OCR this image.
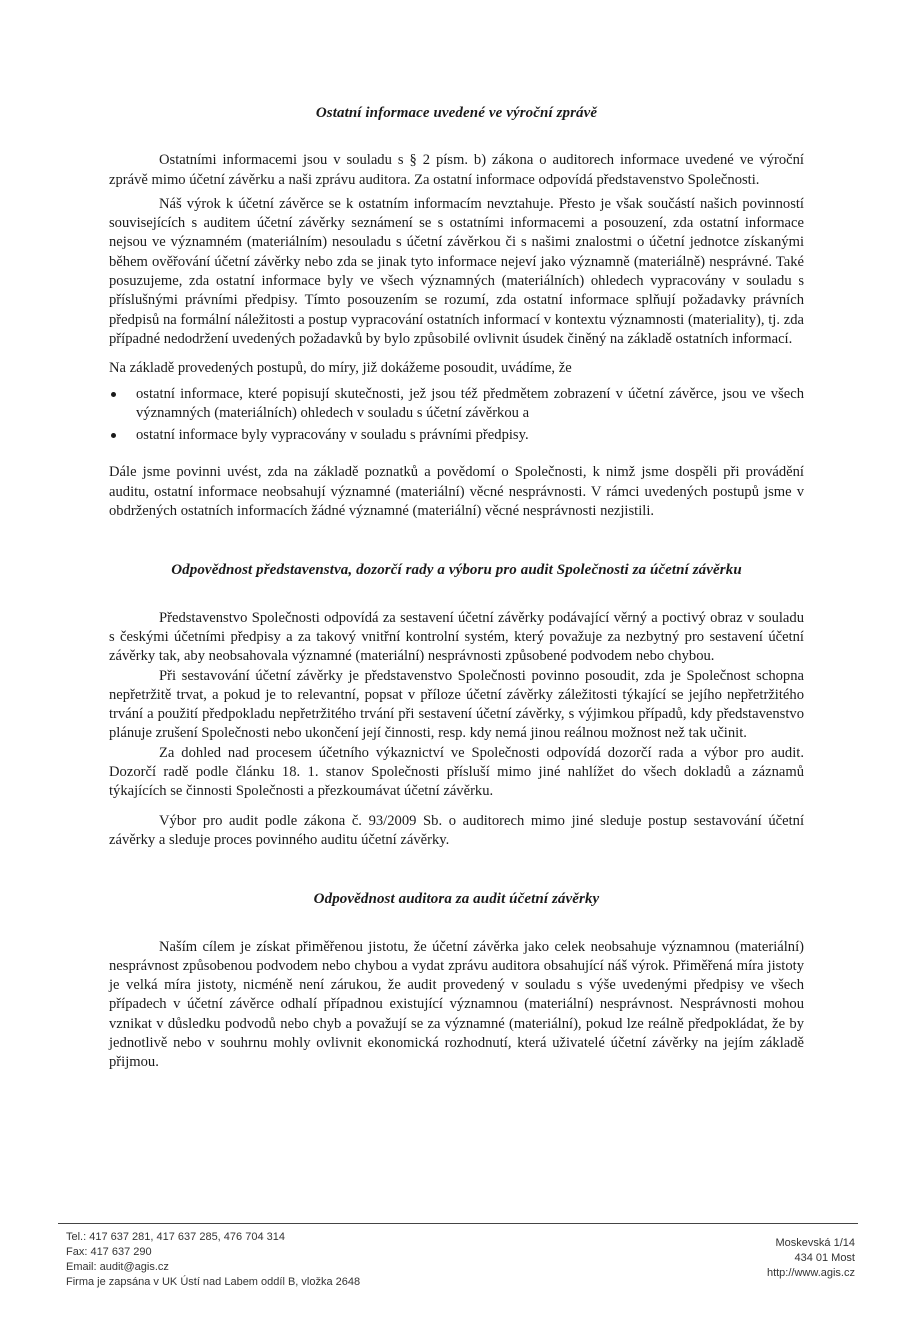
Ostatní informace uvedené ve výroční zprávě

Ostatními informacemi jsou v souladu s § 2 písm. b) zákona o auditorech informace uvedené ve výroční zprávě mimo účetní závěrku a naši zprávu auditora. Za ostatní informace odpovídá představenstvo Společnosti.

Náš výrok k účetní závěrce se k ostatním informacím nevztahuje. Přesto je však součástí našich povinností souvisejících s auditem účetní závěrky seznámení se s ostatními informacemi a posouzení, zda ostatní informace nejsou ve významném (materiálním) nesouladu s účetní závěrkou či s našimi znalostmi o účetní jednotce získanými během ověřování účetní závěrky nebo zda se jinak tyto informace nejeví jako významně (materiálně) nesprávné. Také posuzujeme, zda ostatní informace byly ve všech významných (materiálních) ohledech vypracovány v souladu s příslušnými právními předpisy. Tímto posouzením se rozumí, zda ostatní informace splňují požadavky právních předpisů na formální náležitosti a postup vypracování ostatních informací v kontextu významnosti (materiality), tj. zda případné nedodržení uvedených požadavků by bylo způsobilé ovlivnit úsudek činěný na základě ostatních informací.

Na základě provedených postupů, do míry, již dokážeme posoudit, uvádíme, že

ostatní informace, které popisují skutečnosti, jež jsou též předmětem zobrazení v účetní závěrce, jsou ve všech významných (materiálních) ohledech v souladu s účetní závěrkou a
ostatní informace byly vypracovány v souladu s právními předpisy.

Dále jsme povinni uvést, zda na základě poznatků a povědomí o Společnosti, k nimž jsme dospěli při provádění auditu, ostatní informace neobsahují významné (materiální) věcné nesprávnosti. V rámci uvedených postupů jsme v obdržených ostatních informacích žádné významné (materiální) věcné nesprávnosti nezjistili.

Odpovědnost představenstva, dozorčí rady a výboru pro audit Společnosti za účetní závěrku

Představenstvo Společnosti odpovídá za sestavení účetní závěrky podávající věrný a poctivý obraz v souladu s českými účetními předpisy a za takový vnitřní kontrolní systém, který považuje za nezbytný pro sestavení účetní závěrky tak, aby neobsahovala významné (materiální) nesprávnosti způsobené podvodem nebo chybou.

Při sestavování účetní závěrky je představenstvo Společnosti povinno posoudit, zda je Společnost schopna nepřetržitě trvat, a pokud je to relevantní, popsat v příloze účetní závěrky záležitosti týkající se jejího nepřetržitého trvání a použití předpokladu nepřetržitého trvání při sestavení účetní závěrky, s výjimkou případů, kdy představenstvo plánuje zrušení Společnosti nebo ukončení její činnosti, resp. kdy nemá jinou reálnou možnost než tak učinit.

Za dohled nad procesem účetního výkaznictví ve Společnosti odpovídá dozorčí rada a výbor pro audit. Dozorčí radě podle článku 18. 1. stanov Společnosti přísluší mimo jiné nahlížet do všech dokladů a záznamů týkajících se činnosti Společnosti a přezkoumávat účetní závěrku.

Výbor pro audit podle zákona č. 93/2009 Sb. o auditorech mimo jiné sleduje postup sestavování účetní závěrky a sleduje proces povinného auditu účetní závěrky.

Odpovědnost auditora za audit účetní závěrky

Naším cílem je získat přiměřenou jistotu, že účetní závěrka jako celek neobsahuje významnou (materiální) nesprávnost způsobenou podvodem nebo chybou a vydat zprávu auditora obsahující náš výrok. Přiměřená míra jistoty je velká míra jistoty, nicméně není zárukou, že audit provedený v souladu s výše uvedenými předpisy ve všech případech v účetní závěrce odhalí případnou existující významnou (materiální) nesprávnost. Nesprávnosti mohou vznikat v důsledku podvodů nebo chyb a považují se za významné (materiální), pokud lze reálně předpokládat, že by jednotlivě nebo v souhrnu mohly ovlivnit ekonomická rozhodnutí, která uživatelé účetní závěrky na jejím základě přijmou.

Tel.: 417 637 281, 417 637 285, 476 704 314
Fax: 417 637 290
Email: audit@agis.cz
Firma je zapsána v UK Ústí nad Labem oddíl B, vložka 2648
Moskevská 1/14
434 01 Most
http://www.agis.cz
